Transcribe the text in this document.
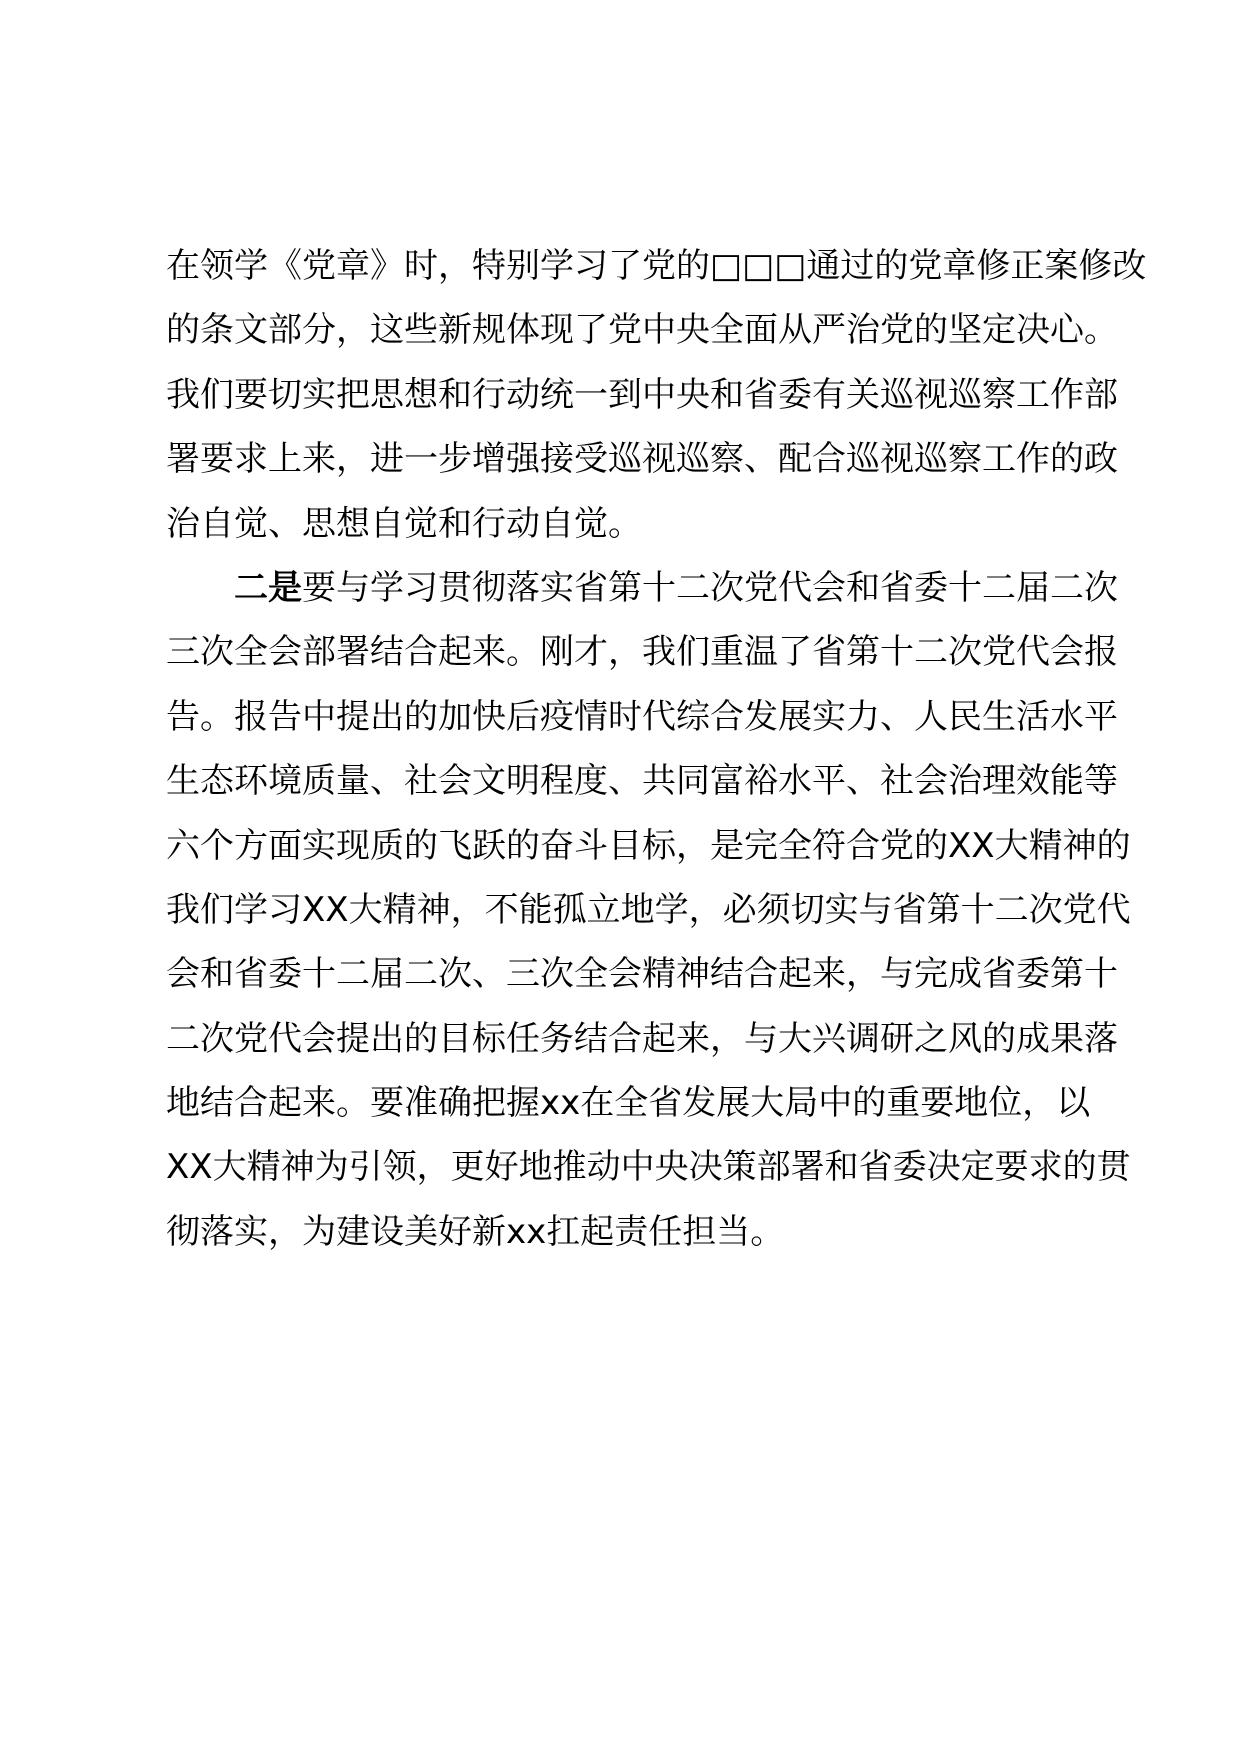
在领学《党章》时，特别学习了党的□□□通过的党章修正案修改
的条文部分，这些新规体现了党中央全面从严治党的坚定决心。
我们要切实把思想和行动统一到中央和省委有关巡视巡察工作部
署要求上来，进一步增强接受巡视巡察、配合巡视巡察工作的政
治自觉、思想自觉和行动自觉。
二是要与学习贯彻落实省第十二次党代会和省委十二届二次
三次全会部署结合起来。刚才，我们重温了省第十二次党代会报
告。报告中提出的加快后疫情时代综合发展实力、人民生活水平
生态环境质量、社会文明程度、共同富裕水平、社会治理效能等
六个方面实现质的飞跃的奋斗目标，是完全符合党的XX大精神的
我们学习XX大精神，不能孤立地学，必须切实与省第十二次党代
会和省委十二届二次、三次全会精神结合起来，与完成省委第十
二次党代会提出的目标任务结合起来，与大兴调研之风的成果落
地结合起来。要准确把握xx在全省发展大局中的重要地位，以
XX大精神为引领，更好地推动中央决策部署和省委决定要求的贯
彻落实，为建设美好新xx扛起责任担当。
